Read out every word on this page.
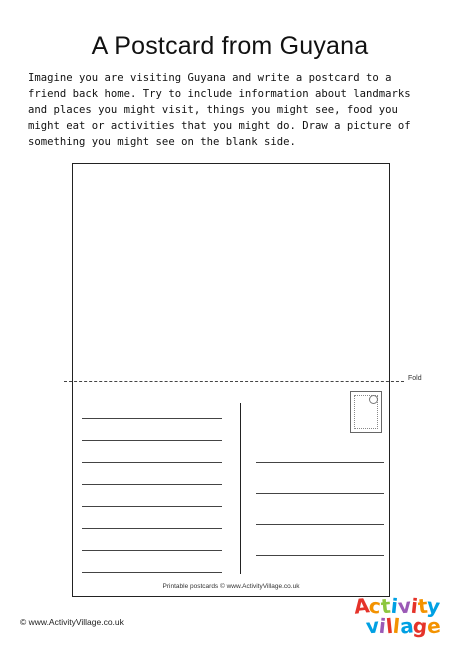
A Postcard from Guyana

Imagine you are visiting Guyana and write a postcard to a friend back home. Try to include information about landmarks and places you might visit, things you might see, food you might eat or activities that you might do. Draw a picture of something you might see on the blank side.

Fold
Printable postcards © www.ActivityVillage.co.uk
© www.ActivityVillage.co.uk
Activity
village
